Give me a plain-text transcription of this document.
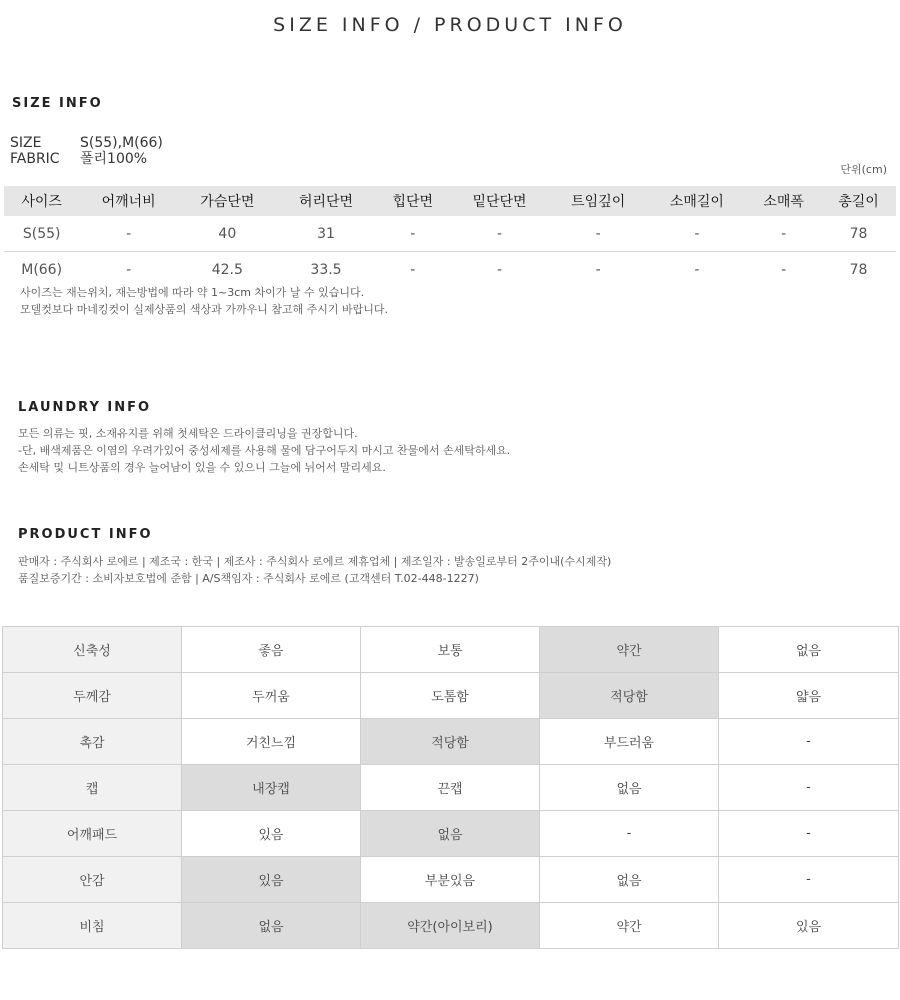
SIZE INFO / PRODUCT INFO
SIZE INFO
SIZE	S(55),M(66)
FABRIC 폴리100%
단위(cm)
사이즈	어깨너비	가슴단면	허리단면	힙단면	밑단단면	트임깊이	소매길이	소매폭	총길이
S(55)	-	40	31	-	-	-	-	-	78
M(66)	-	42.5	33.5	-	-	-	-	-	78
사이즈는 재는위치, 재는방법에 따라 약 1~3cm 차이가 날 수 있습니다.
모델컷보다 마네킹컷이 실제상품의 색상과 가까우니 참고해 주시기 바랍니다.
LAUNDRY INFO
모든 의류는 핏, 소재유지를 위해 첫세탁은 드라이클리닝을 권장합니다.
-단, 배색제품은 이염의 우려가있어 중성세제를 사용해 물에 담구어두지 마시고 찬물에서 손세탁하세요.
손세탁 및 니트상품의 경우 늘어남이 있을 수 있으니 그늘에 뉘어서 말리세요.
PRODUCT INFO
판매자 : 주식회사 로에르 | 제조국 : 한국 | 제조사 : 주식회사 로에르 제휴업체 | 제조일자 : 발송일로부터 2주이내(수시제작)
품질보증기간 : 소비자보호법에 준함 | A/S책임자 : 주식회사 로에르 (고객센터 T.02-448-1227)
신축성	좋음	보통	약간	없음
두께감	두꺼움	도톰함	적당함	얇음
촉감	거친느낌	적당함	부드러움	-
캡	내장캡	끈캡	없음	-
어깨패드	있음	없음	-	-
안감	있음	부분있음	없음	-
비침	없음	약간(아이보리)	약간	있음
